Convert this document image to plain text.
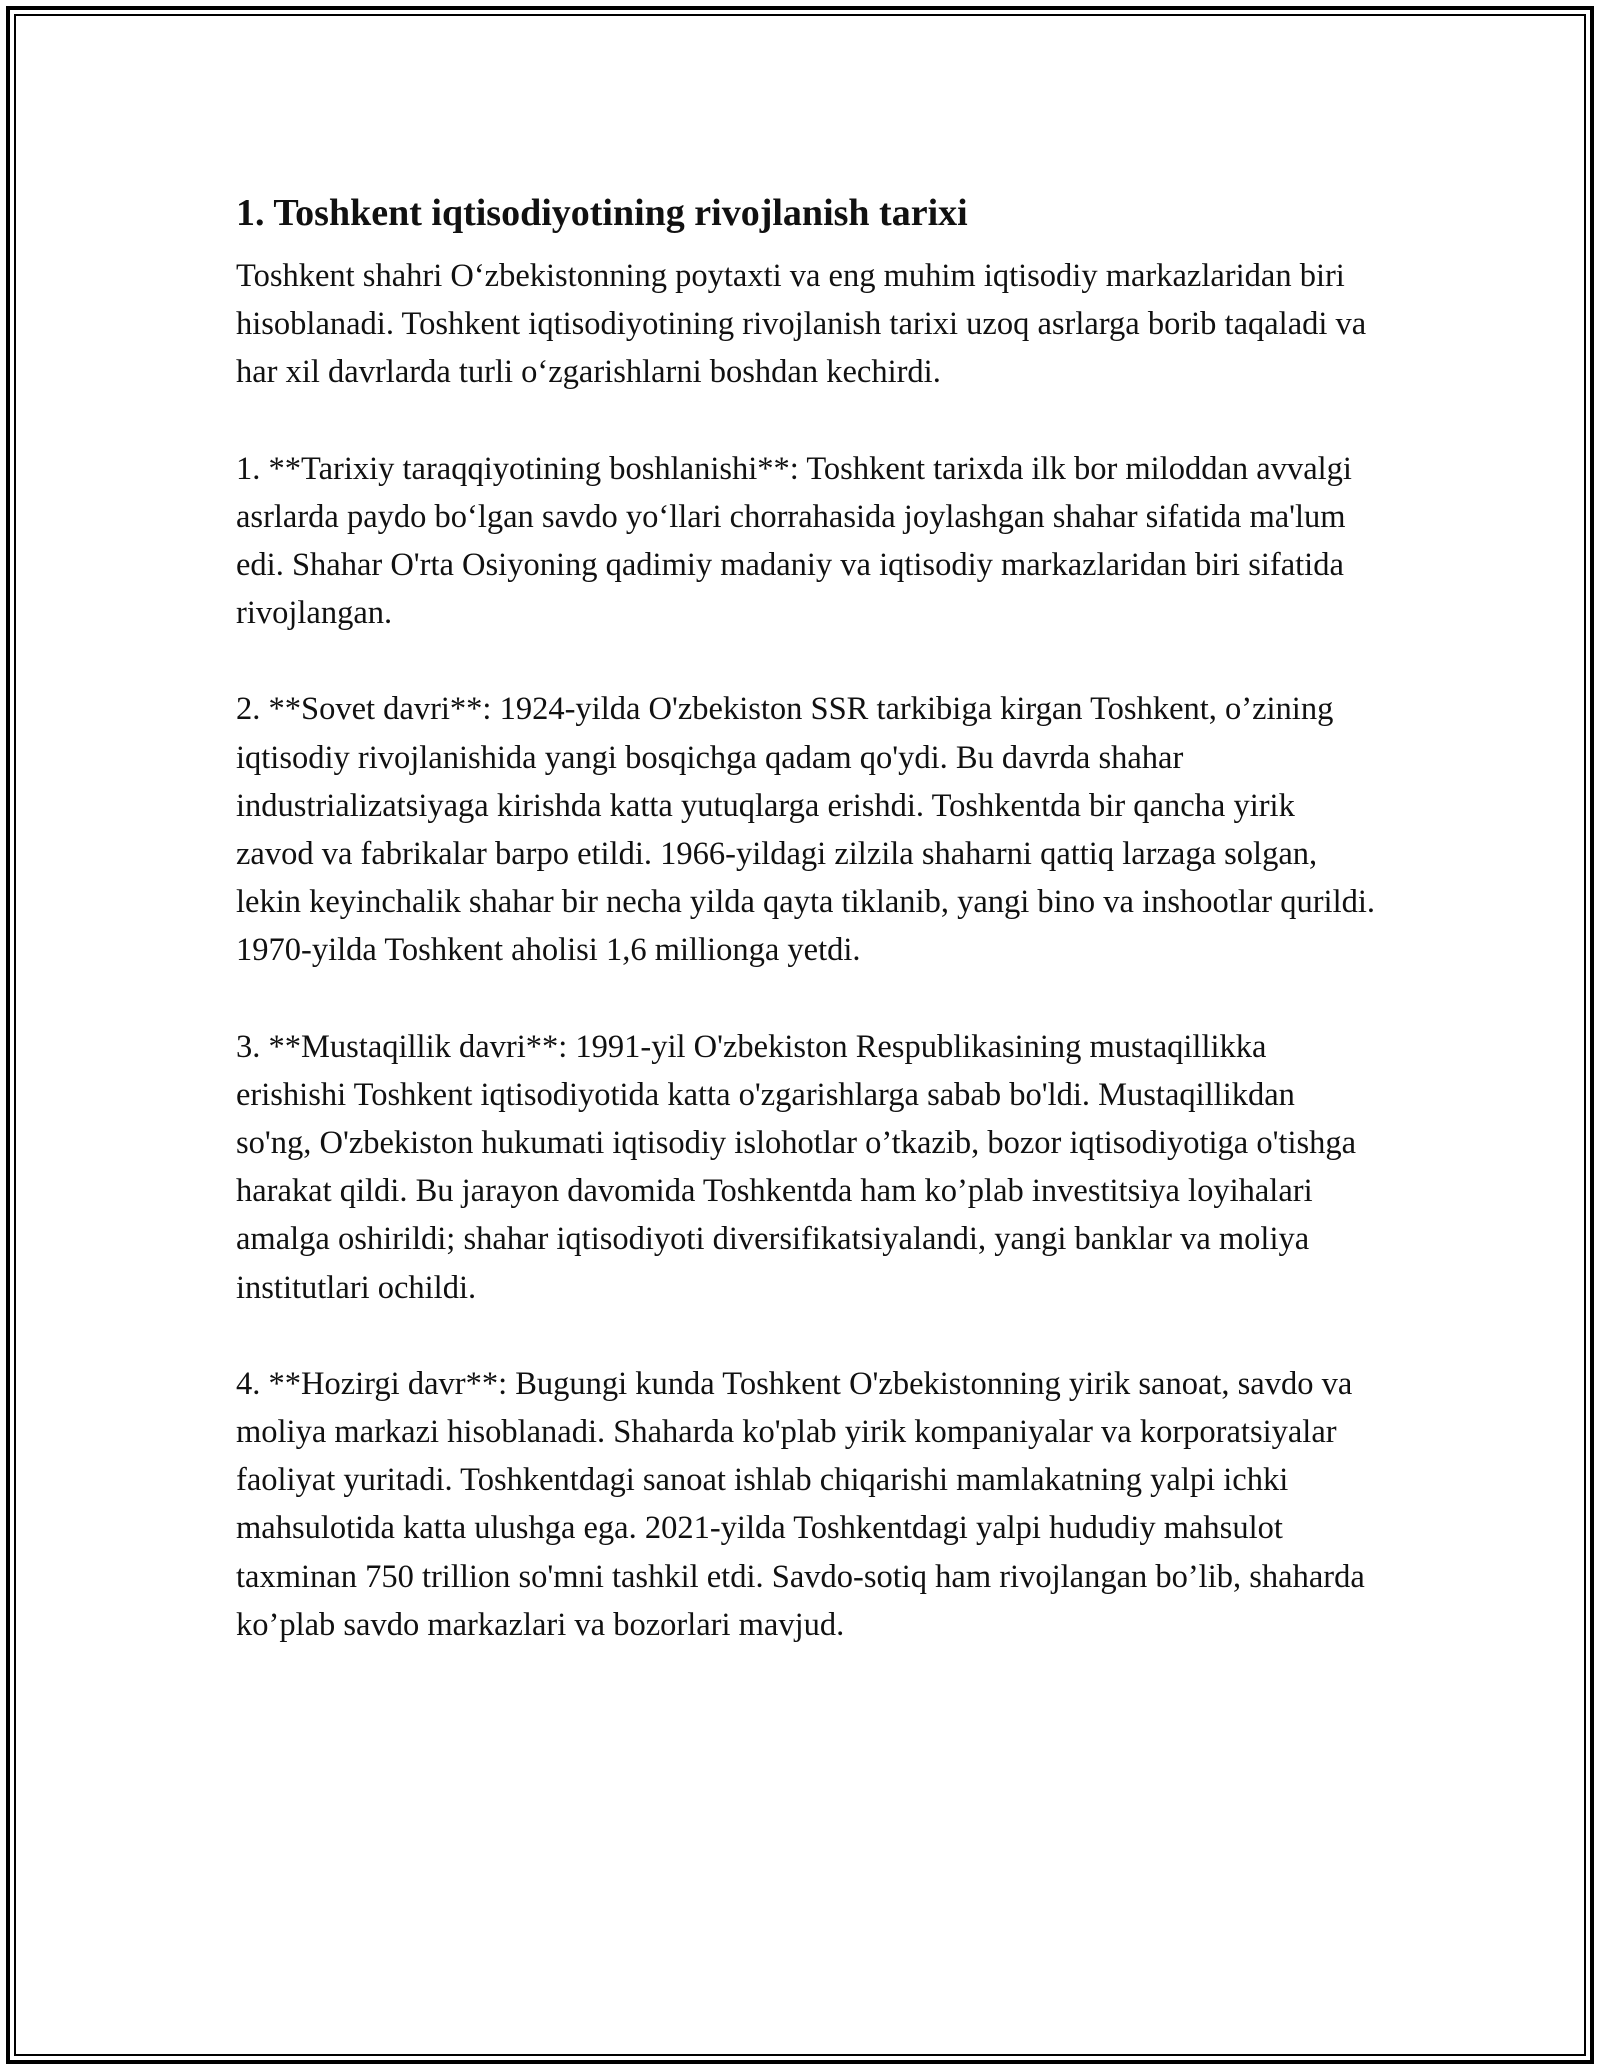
1. Toshkent iqtisodiyotining rivojlanish tarixi

Toshkent shahri O‘zbekistonning poytaxti va eng muhim iqtisodiy markazlaridan biri hisoblanadi. Toshkent iqtisodiyotining rivojlanish tarixi uzoq asrlarga borib taqaladi va har xil davrlarda turli o‘zgarishlarni boshdan kechirdi.

1. **Tarixiy taraqqiyotining boshlanishi**: Toshkent tarixda ilk bor miloddan avvalgi asrlarda paydo bo‘lgan savdo yo‘llari chorrahasida joylashgan shahar sifatida ma'lum edi. Shahar O'rta Osiyoning qadimiy madaniy va iqtisodiy markazlaridan biri sifatida rivojlangan.

2. **Sovet davri**: 1924-yilda O'zbekiston SSR tarkibiga kirgan Toshkent, o’zining iqtisodiy rivojlanishida yangi bosqichga qadam qo'ydi. Bu davrda shahar industrializatsiyaga kirishda katta yutuqlarga erishdi. Toshkentda bir qancha yirik zavod va fabrikalar barpo etildi. 1966-yildagi zilzila shaharni qattiq larzaga solgan, lekin keyinchalik shahar bir necha yilda qayta tiklanib, yangi bino va inshootlar qurildi. 1970-yilda Toshkent aholisi 1,6 millionga yetdi.

3. **Mustaqillik davri**: 1991-yil O'zbekiston Respublikasining mustaqillikka erishishi Toshkent iqtisodiyotida katta o'zgarishlarga sabab bo'ldi. Mustaqillikdan so'ng, O'zbekiston hukumati iqtisodiy islohotlar o’tkazib, bozor iqtisodiyotiga o'tishga harakat qildi. Bu jarayon davomida Toshkentda ham ko’plab investitsiya loyihalari amalga oshirildi; shahar iqtisodiyoti diversifikatsiyalandi, yangi banklar va moliya institutlari ochildi.

4. **Hozirgi davr**: Bugungi kunda Toshkent O'zbekistonning yirik sanoat, savdo va moliya markazi hisoblanadi. Shaharda ko'plab yirik kompaniyalar va korporatsiyalar faoliyat yuritadi. Toshkentdagi sanoat ishlab chiqarishi mamlakatning yalpi ichki mahsulotida katta ulushga ega. 2021-yilda Toshkentdagi yalpi hududiy mahsulot taxminan 750 trillion so'mni tashkil etdi. Savdo-sotiq ham rivojlangan bo’lib, shaharda ko’plab savdo markazlari va bozorlari mavjud.
